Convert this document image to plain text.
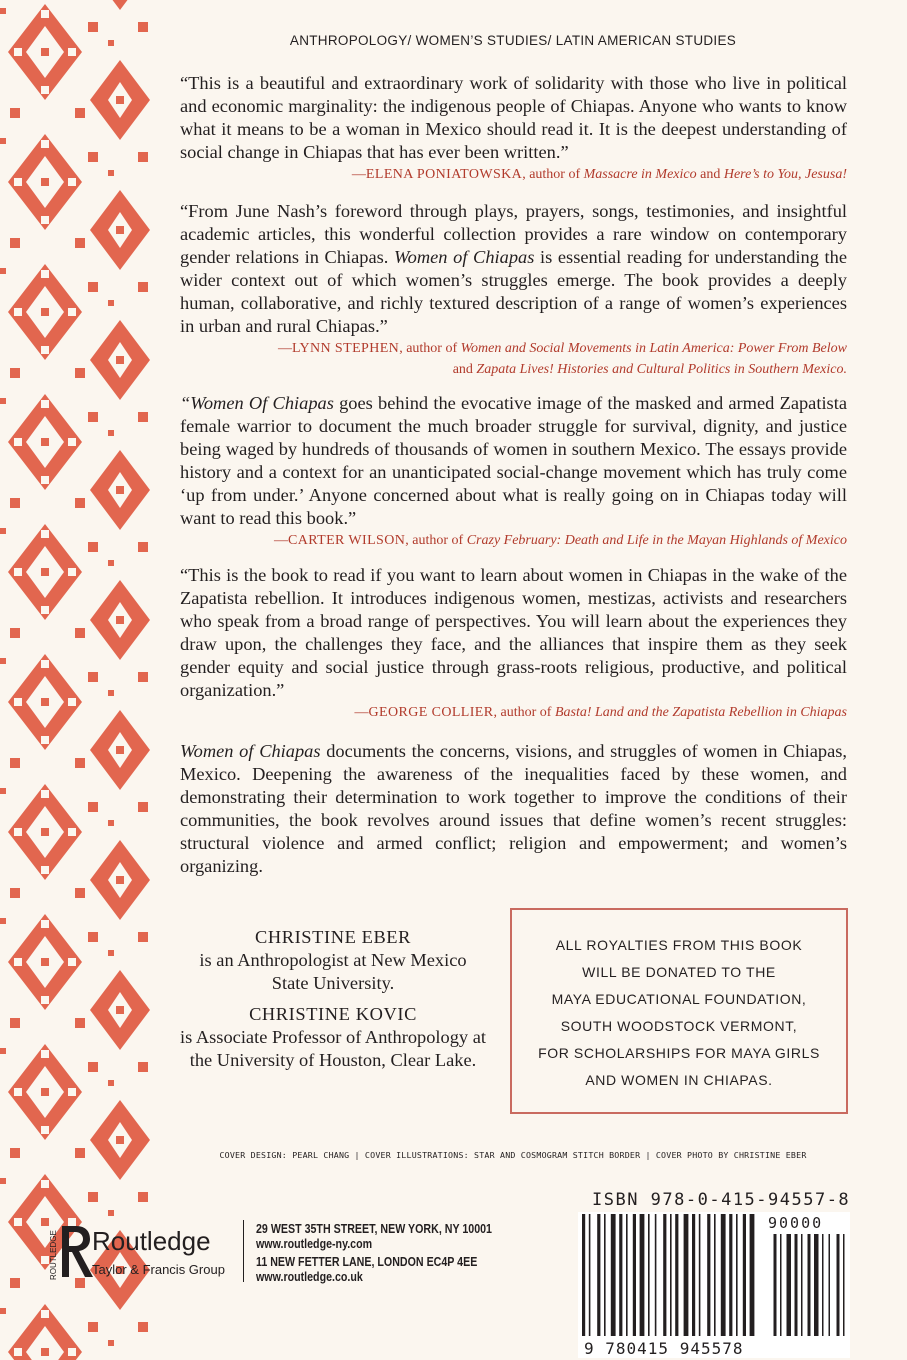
ANTHROPOLOGY/ WOMEN’S STUDIES/ LATIN AMERICAN STUDIES
“This is a beautiful and extraordinary work of solidarity with those who live in political and economic marginality: the indigenous people of Chiapas. Anyone who wants to know what it means to be a woman in Mexico should read it. It is the deepest understanding of social change in Chiapas that has ever been written.”
—ELENA PONIATOWSKA, author of Massacre in Mexico and Here’s to You, Jesusa!
“From June Nash’s foreword through plays, prayers, songs, testimonies, and insightful academic articles, this wonderful collection provides a rare window on contemporary gender relations in Chiapas. Women of Chiapas is essential reading for understanding the wider context out of which women’s struggles emerge. The book provides a deeply human, collaborative, and richly textured description of a range of women’s experiences in urban and rural Chiapas.”
—LYNN STEPHEN, author of Women and Social Movements in Latin America: Power From Below
and Zapata Lives! Histories and Cultural Politics in Southern Mexico.
“Women Of Chiapas goes behind the evocative image of the masked and armed Zapatista female warrior to document the much broader struggle for survival, dignity, and justice being waged by hundreds of thousands of women in southern Mexico. The essays provide history and a context for an unanticipated social-change movement which has truly come ‘up from under.’ Anyone concerned about what is really going on in Chiapas today will want to read this book.”
—CARTER WILSON, author of Crazy February: Death and Life in the Mayan Highlands of Mexico
“This is the book to read if you want to learn about women in Chiapas in the wake of the Zapatista rebellion. It introduces indigenous women, mestizas, activists and researchers who speak from a broad range of perspectives. You will learn about the experiences they draw upon, the challenges they face, and the alliances that inspire them as they seek gender equity and social justice through grass-roots religious, productive, and political organization.”
—GEORGE COLLIER, author of Basta! Land and the Zapatista Rebellion in Chiapas
Women of Chiapas documents the concerns, visions, and struggles of women in Chiapas, Mexico. Deepening the awareness of the inequalities faced by these women, and demonstrating their determination to work together to improve the conditions of their communities, the book revolves around issues that define women’s recent struggles: structural violence and armed conflict; religion and empowerment; and women’s organizing.

CHRISTINE EBER
is an Anthropologist at New Mexico State University.

CHRISTINE KOVIC
is Associate Professor of Anthropology at the University of Houston, Clear Lake.

ALL ROYALTIES FROM THIS BOOK
WILL BE DONATED TO THE
MAYA EDUCATIONAL FOUNDATION,
SOUTH WOODSTOCK VERMONT,
FOR SCHOLARSHIPS FOR MAYA GIRLS
AND WOMEN IN CHIAPAS.
COVER DESIGN: PEARL CHANG | COVER ILLUSTRATIONS: STAR AND COSMOGRAM STITCH BORDER | COVER PHOTO BY CHRISTINE EBER
ROUTLEDGE Routledge
Taylor & Francis Group
29 WEST 35TH STREET, NEW YORK, NY 10001
www.routledge-ny.com
11 NEW FETTER LANE, LONDON EC4P 4EE
www.routledge.co.uk
ISBN 978-0-415-94557-8
90000
9 780415 945578
